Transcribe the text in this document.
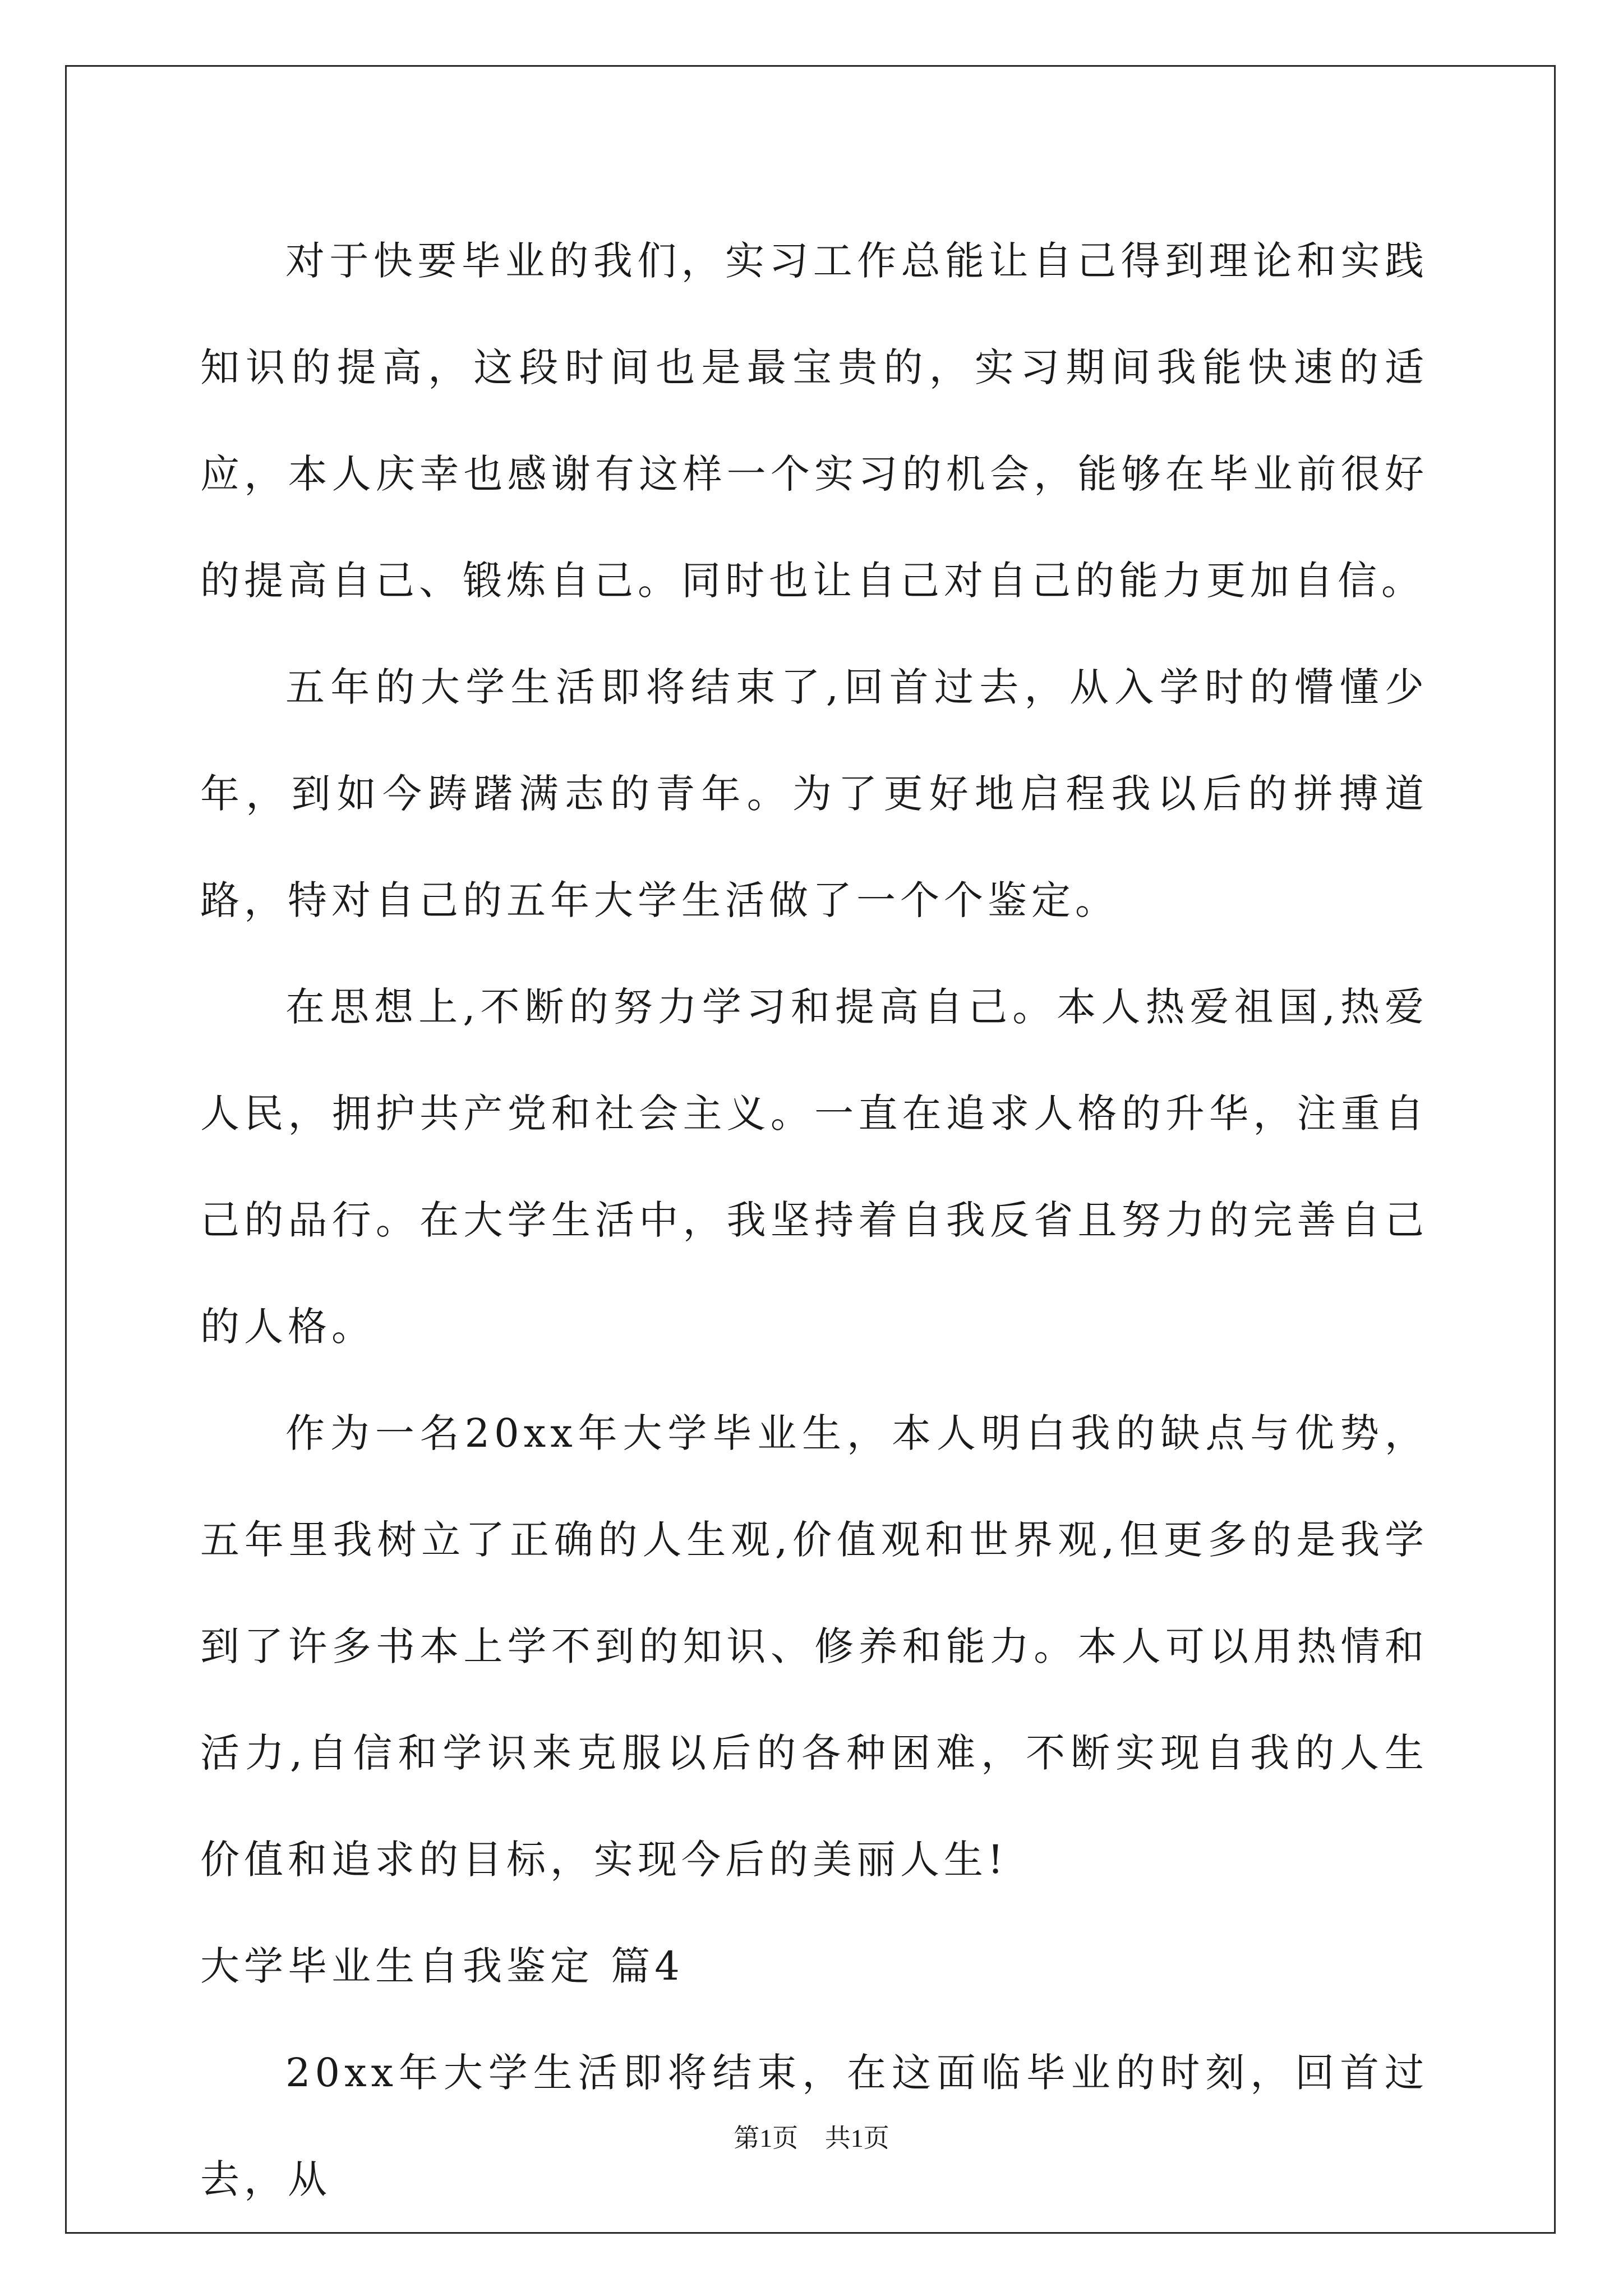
对于快要毕业的我们，实习工作总能让自己得到理论和实践知识的提高，这段时间也是最宝贵的，实习期间我能快速的适应，本人庆幸也感谢有这样一个实习的机会，能够在毕业前很好的提高自己、锻炼自己。同时也让自己对自己的能力更加自信。

五年的大学生活即将结束了,回首过去，从入学时的懵懂少年，到如今踌躇满志的青年。为了更好地启程我以后的拼搏道路，特对自己的五年大学生活做了一个个鉴定。

在思想上,不断的努力学习和提高自己。本人热爱祖国,热爱人民，拥护共产党和社会主义。一直在追求人格的升华，注重自己的品行。在大学生活中，我坚持着自我反省且努力的完善自己的人格。

作为一名20xx年大学毕业生，本人明白我的缺点与优势，五年里我树立了正确的人生观,价值观和世界观,但更多的是我学到了许多书本上学不到的知识、修养和能力。本人可以用热情和活力,自信和学识来克服以后的各种困难，不断实现自我的人生价值和追求的目标，实现今后的美丽人生!

大学毕业生自我鉴定 篇4

20xx年大学生活即将结束，在这面临毕业的时刻，回首过去，从

第1页 共1页
